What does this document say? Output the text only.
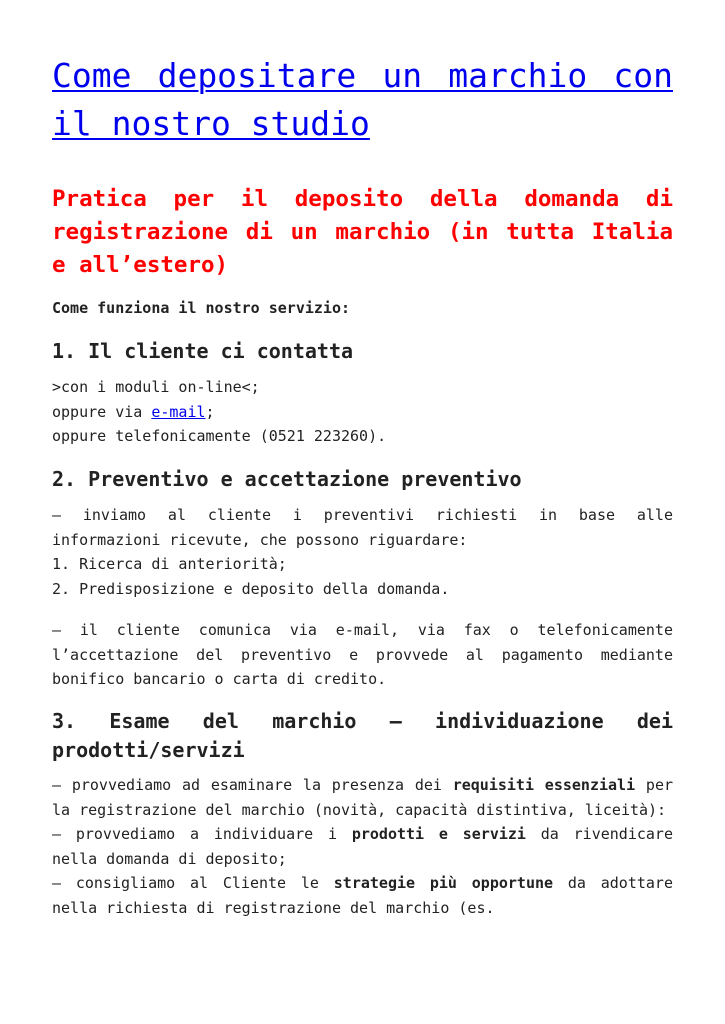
Come depositare un marchio con il nostro studio
Pratica per il deposito della domanda di registrazione di un marchio (in tutta Italia e all’estero)

Come funziona il nostro servizio:

1. Il cliente ci contatta

>con i moduli on-line<;
oppure via e-mail;
oppure telefonicamente (0521 223260).

2. Preventivo e accettazione preventivo

– inviamo al cliente i preventivi richiesti in base alle
informazioni ricevute, che possono riguardare:
1. Ricerca di anteriorità;
2. Predisposizione e deposito della domanda.

– il cliente comunica via e-mail, via fax o telefonicamente l’accettazione del preventivo e provvede al pagamento mediante bonifico bancario o carta di credito.

3. Esame del marchio – individuazione dei prodotti/servizi

– provvediamo ad esaminare la presenza dei requisiti essenziali per la registrazione del marchio (novità, capacità distintiva, liceità):
– provvediamo a individuare i prodotti e servizi da rivendicare nella domanda di deposito;
– consigliamo al Cliente le strategie più opportune da adottare nella richiesta di registrazione del marchio (es.
